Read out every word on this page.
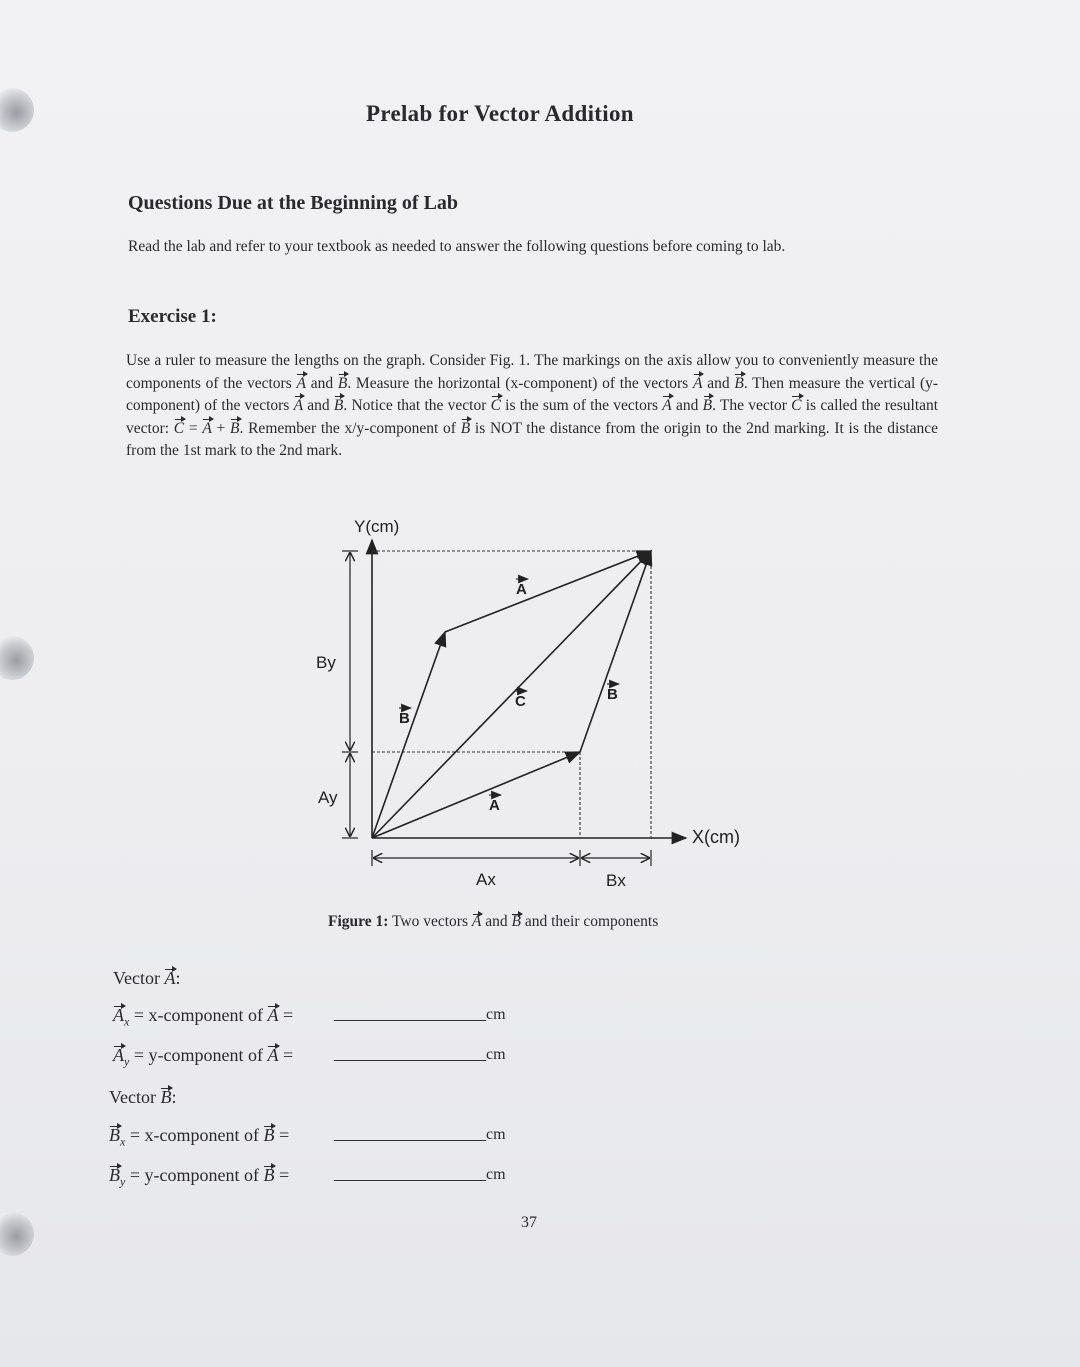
Prelab for Vector Addition
Questions Due at the Beginning of Lab
Read the lab and refer to your textbook as needed to answer the following questions before coming to lab.
Exercise 1:
Use a ruler to measure the lengths on the graph. Consider Fig. 1. The markings on the axis allow you to conveniently measure the components of the vectors A and B. Measure the horizontal (x-component) of the vectors A and B. Then measure the vertical (y-component) of the vectors A and B. Notice that the vector C is the sum of the vectors A and B. The vector C is called the resultant vector: C = A + B. Remember the x/y-component of B is NOT the distance from the origin to the 2nd marking. It is the distance from the 1st mark to the 2nd mark.
Y(cm)
X(cm)
By
Ay
Ax	Bx
A
A
B
B
C
Figure 1: Two vectors A and B and their components
Vector A:
$A_x$ = x-component of A =	cm
$A_y$ = y-component of A =	cm
Vector B:
$B_x$ = x-component of B =	cm
$B_y$ = y-component of B =	cm
37
